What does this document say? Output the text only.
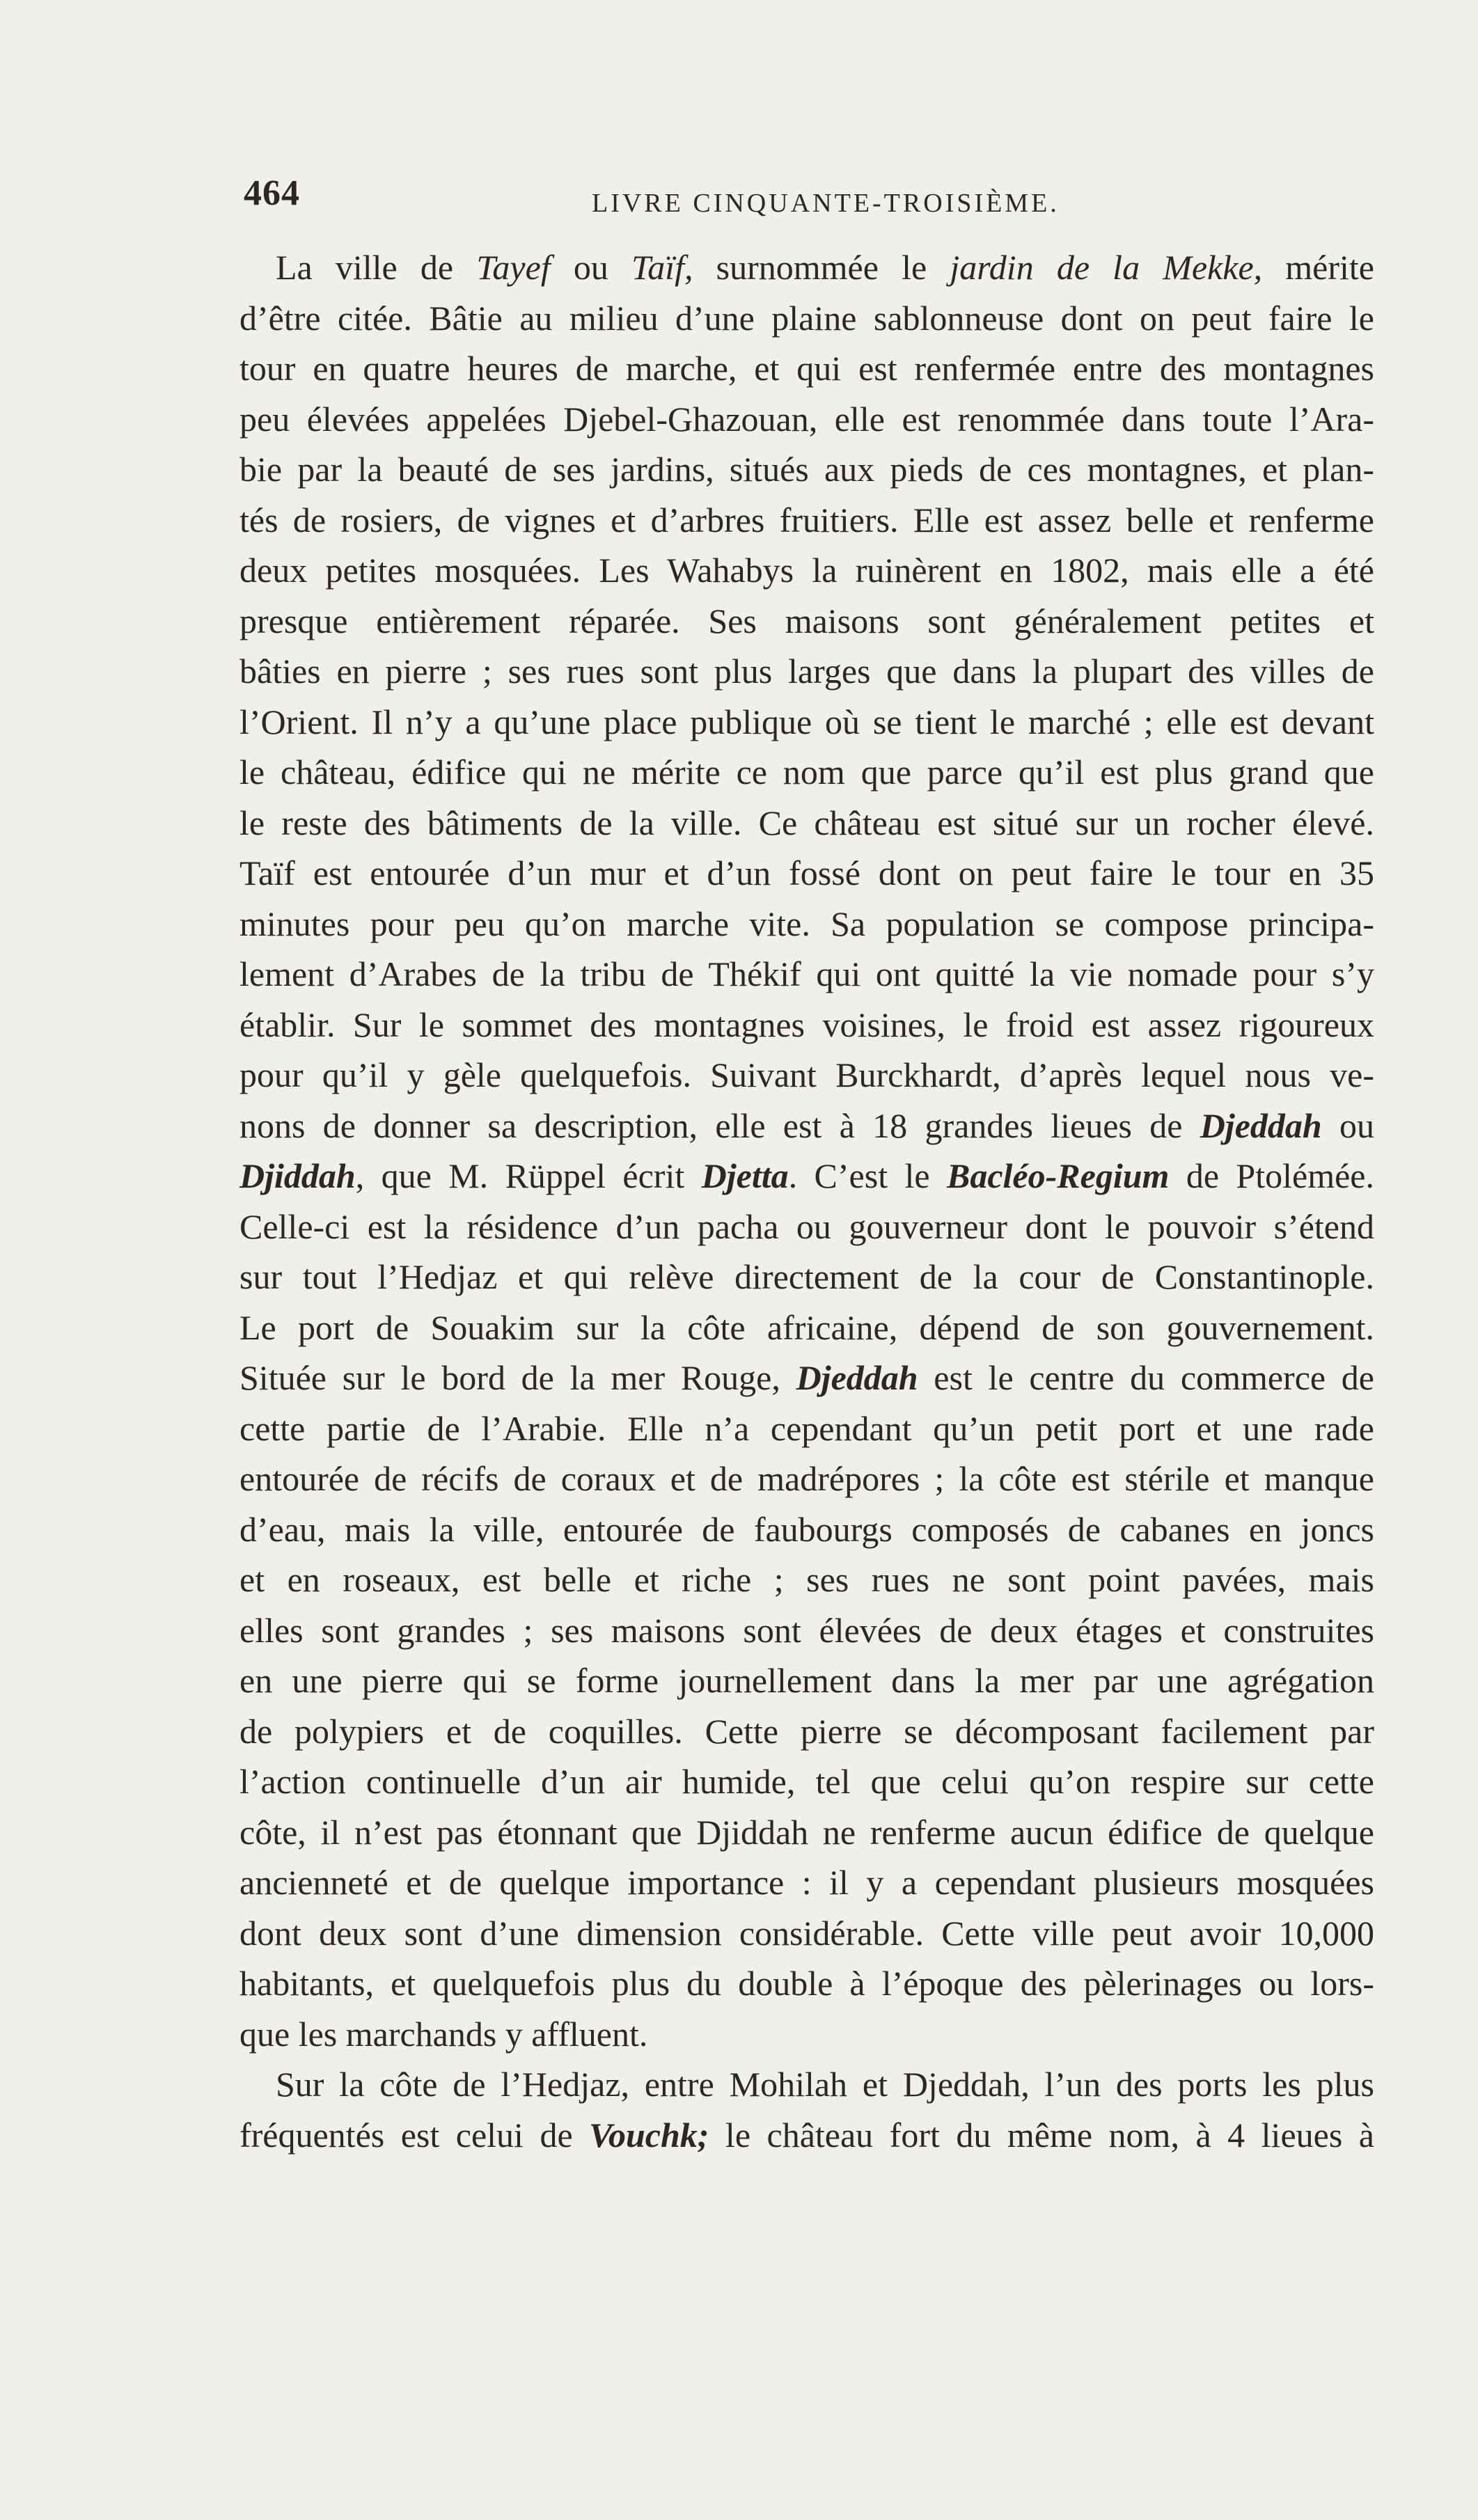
464	LIVRE CINQUANTE-TROISIÈME.
La ville de Tayef ou Taïf, surnommée le jardin de la Mekke, mérite
d’être citée. Bâtie au milieu d’une plaine sablonneuse dont on peut faire le
tour en quatre heures de marche, et qui est renfermée entre des montagnes
peu élevées appelées Djebel-Ghazouan, elle est renommée dans toute l’Ara-
bie par la beauté de ses jardins, situés aux pieds de ces montagnes, et plan-
tés de rosiers, de vignes et d’arbres fruitiers. Elle est assez belle et renferme
deux petites mosquées. Les Wahabys la ruinèrent en 1802, mais elle a été
presque entièrement réparée. Ses maisons sont généralement petites et
bâties en pierre ; ses rues sont plus larges que dans la plupart des villes de
l’Orient. Il n’y a qu’une place publique où se tient le marché ; elle est devant
le château, édifice qui ne mérite ce nom que parce qu’il est plus grand que
le reste des bâtiments de la ville. Ce château est situé sur un rocher élevé.
Taïf est entourée d’un mur et d’un fossé dont on peut faire le tour en 35
minutes pour peu qu’on marche vite. Sa population se compose principa-
lement d’Arabes de la tribu de Thékif qui ont quitté la vie nomade pour s’y
établir. Sur le sommet des montagnes voisines, le froid est assez rigoureux
pour qu’il y gèle quelquefois. Suivant Burckhardt, d’après lequel nous ve-
nons de donner sa description, elle est à 18 grandes lieues de Djeddah ou
Djiddah, que M. Rüppel écrit Djetta. C’est le Bacléo-Regium de Ptolémée.
Celle-ci est la résidence d’un pacha ou gouverneur dont le pouvoir s’étend
sur tout l’Hedjaz et qui relève directement de la cour de Constantinople.
Le port de Souakim sur la côte africaine, dépend de son gouvernement.
Située sur le bord de la mer Rouge, Djeddah est le centre du commerce de
cette partie de l’Arabie. Elle n’a cependant qu’un petit port et une rade
entourée de récifs de coraux et de madrépores ; la côte est stérile et manque
d’eau, mais la ville, entourée de faubourgs composés de cabanes en joncs
et en roseaux, est belle et riche ; ses rues ne sont point pavées, mais
elles sont grandes ; ses maisons sont élevées de deux étages et construites
en une pierre qui se forme journellement dans la mer par une agrégation
de polypiers et de coquilles. Cette pierre se décomposant facilement par
l’action continuelle d’un air humide, tel que celui qu’on respire sur cette
côte, il n’est pas étonnant que Djiddah ne renferme aucun édifice de quelque
ancienneté et de quelque importance : il y a cependant plusieurs mosquées
dont deux sont d’une dimension considérable. Cette ville peut avoir 10,000
habitants, et quelquefois plus du double à l’époque des pèlerinages ou lors-
que les marchands y affluent.
Sur la côte de l’Hedjaz, entre Mohilah et Djeddah, l’un des ports les plus
fréquentés est celui de Vouchk; le château fort du même nom, à 4 lieues à
